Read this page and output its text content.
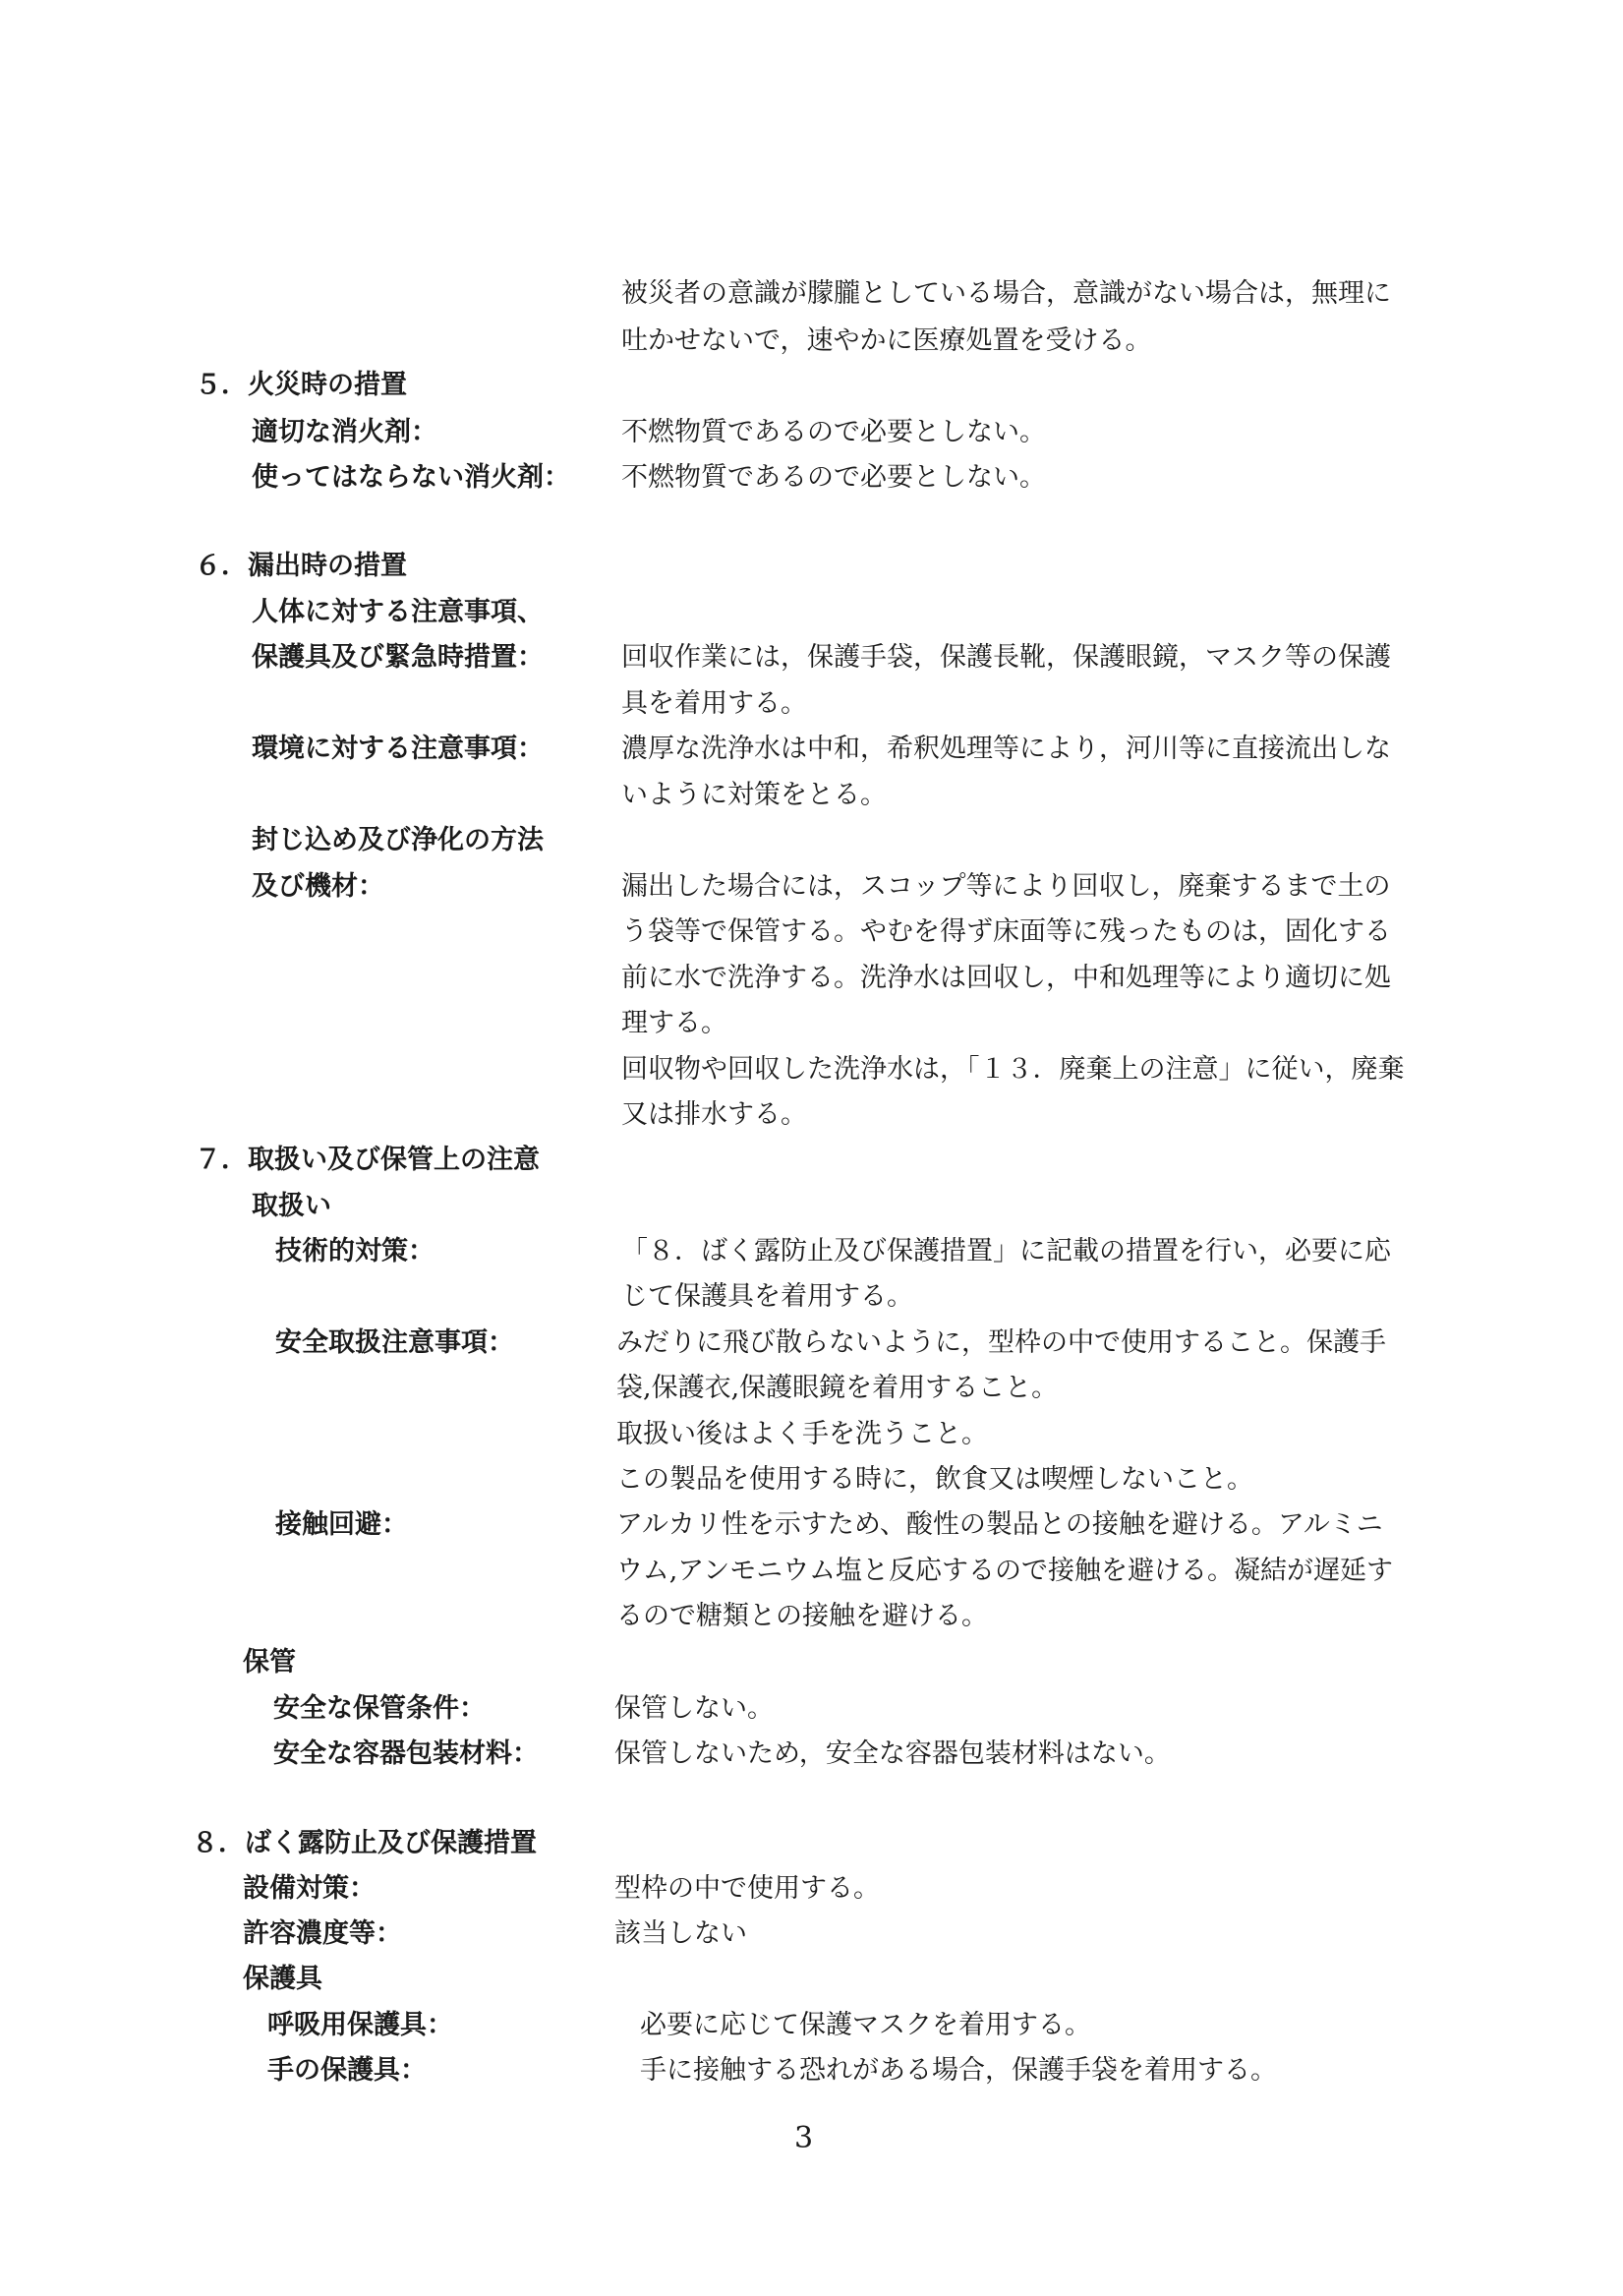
被災者の意識が朦朧としている場合，意識がない場合は，無理に

吐かせないで，速やかに医療処置を受ける。

５．火災時の措置

適切な消火剤：	不燃物質であるので必要としない。

使ってはならない消火剤： 不燃物質であるので必要としない。

６．漏出時の措置

人体に対する注意事項、

保護具及び緊急時措置：	回収作業には，保護手袋，保護長靴，保護眼鏡，マスク等の保護

具を着用する。

環境に対する注意事項：	濃厚な洗浄水は中和，希釈処理等により，河川等に直接流出しな

いように対策をとる。

封じ込め及び浄化の方法

及び機材：	漏出した場合には，スコップ等により回収し，廃棄するまで土の

う袋等で保管する。やむを得ず床面等に残ったものは，固化する

前に水で洗浄する。洗浄水は回収し，中和処理等により適切に処

理する。

回収物や回収した洗浄水は，「１３．廃棄上の注意」に従い，廃棄

又は排水する。

７．取扱い及び保管上の注意

取扱い

技術的対策：	「８．ばく露防止及び保護措置」に記載の措置を行い，必要に応

じて保護具を着用する。

安全取扱注意事項：	みだりに飛び散らないように，型枠の中で使用すること。保護手

袋,保護衣,保護眼鏡を着用すること。

取扱い後はよく手を洗うこと。

この製品を使用する時に，飲食又は喫煙しないこと。

接触回避：	アルカリ性を示すため、酸性の製品との接触を避ける。アルミニ

ウム,アンモニウム塩と反応するので接触を避ける。凝結が遅延す

るので糖類との接触を避ける。

保管

安全な保管条件：	保管しない。

安全な容器包装材料：	保管しないため，安全な容器包装材料はない。

８．ばく露防止及び保護措置

設備対策：	型枠の中で使用する。

許容濃度等：	該当しない

保護具

呼吸用保護具：	必要に応じて保護マスクを着用する。

手の保護具：	手に接触する恐れがある場合，保護手袋を着用する。

3
